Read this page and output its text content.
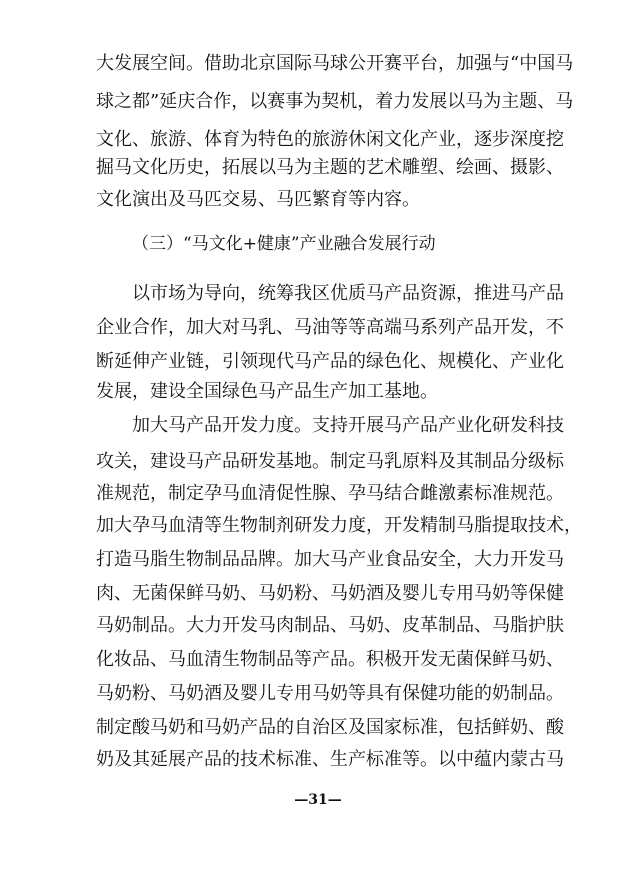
大发展空间。借助北京国际马球公开赛平台，加强与“中国马
球之都”延庆合作，以赛事为契机，着力发展以马为主题、马
文化、旅游、体育为特色的旅游休闲文化产业，逐步深度挖
掘马文化历史，拓展以马为主题的艺术雕塑、绘画、摄影、
文化演出及马匹交易、马匹繁育等内容。
（三）“马文化+健康”产业融合发展行动
以市场为导向，统筹我区优质马产品资源，推进马产品
企业合作，加大对马乳、马油等等高端马系列产品开发，不
断延伸产业链，引领现代马产品的绿色化、规模化、产业化
发展，建设全国绿色马产品生产加工基地。
加大马产品开发力度。支持开展马产品产业化研发科技
攻关，建设马产品研发基地。制定马乳原料及其制品分级标
准规范，制定孕马血清促性腺、孕马结合雌激素标准规范。
加大孕马血清等生物制剂研发力度，开发精制马脂提取技术，
打造马脂生物制品品牌。加大马产业食品安全，大力开发马
肉、无菌保鲜马奶、马奶粉、马奶酒及婴儿专用马奶等保健
马奶制品。大力开发马肉制品、马奶、皮革制品、马脂护肤
化妆品、马血清生物制品等产品。积极开发无菌保鲜马奶、
马奶粉、马奶酒及婴儿专用马奶等具有保健功能的奶制品。
制定酸马奶和马奶产品的自治区及国家标准，包括鲜奶、酸
奶及其延展产品的技术标准、生产标准等。以中蕴内蒙古马
—31—
